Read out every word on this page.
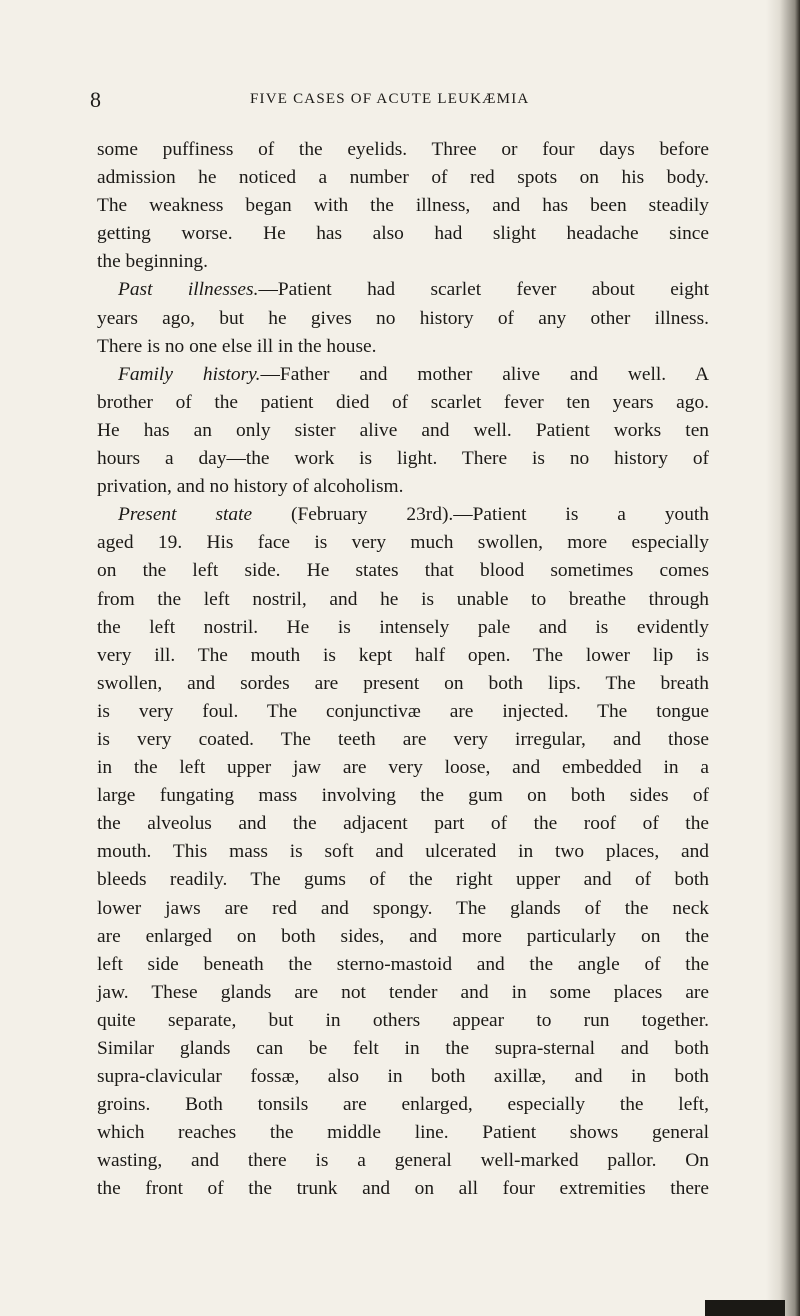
8	FIVE CASES OF ACUTE LEUKÆMIA
some puffiness of the eyelids. Three or four days before
admission he noticed a number of red spots on his body.
The weakness began with the illness, and has been steadily
getting worse. He has also had slight headache since
the beginning.
Past illnesses.—Patient had scarlet fever about eight
years ago, but he gives no history of any other illness.
There is no one else ill in the house.
Family history.—Father and mother alive and well. A
brother of the patient died of scarlet fever ten years ago.
He has an only sister alive and well. Patient works ten
hours a day—the work is light. There is no history of
privation, and no history of alcoholism.
Present state (February 23rd).—Patient is a youth
aged 19. His face is very much swollen, more especially
on the left side. He states that blood sometimes comes
from the left nostril, and he is unable to breathe through
the left nostril. He is intensely pale and is evidently
very ill. The mouth is kept half open. The lower lip is
swollen, and sordes are present on both lips. The breath
is very foul. The conjunctivæ are injected. The tongue
is very coated. The teeth are very irregular, and those
in the left upper jaw are very loose, and embedded in a
large fungating mass involving the gum on both sides of
the alveolus and the adjacent part of the roof of the
mouth. This mass is soft and ulcerated in two places, and
bleeds readily. The gums of the right upper and of both
lower jaws are red and spongy. The glands of the neck
are enlarged on both sides, and more particularly on the
left side beneath the sterno-mastoid and the angle of the
jaw. These glands are not tender and in some places are
quite separate, but in others appear to run together.
Similar glands can be felt in the supra-sternal and both
supra-clavicular fossæ, also in both axillæ, and in both
groins. Both tonsils are enlarged, especially the left,
which reaches the middle line. Patient shows general
wasting, and there is a general well-marked pallor. On
the front of the trunk and on all four extremities there
